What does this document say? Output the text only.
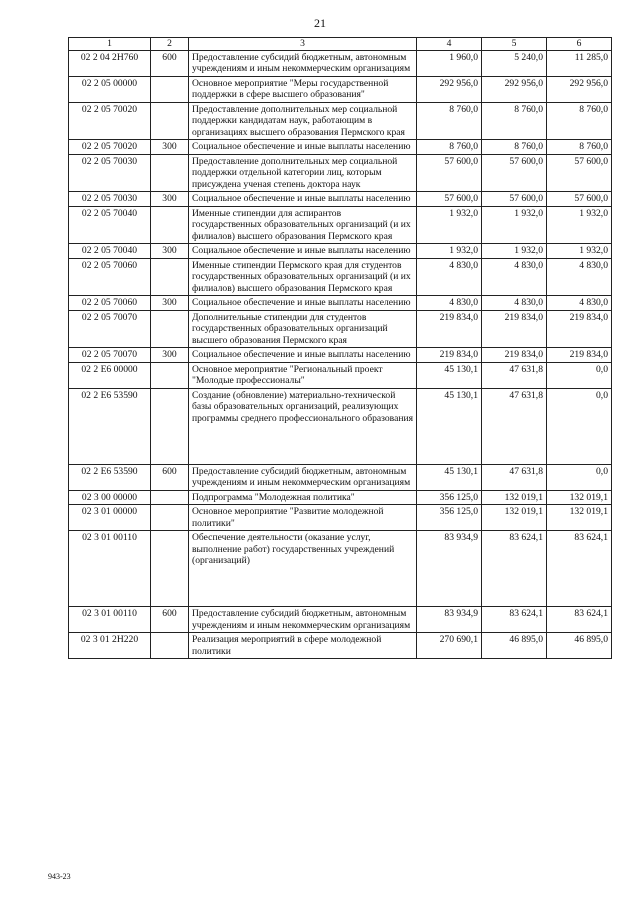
21
1	2	3	4	5	6
02 2 04 2Н760	600	Предоставление субсидий бюджетным, автономным учреждениям и иным некоммерческим организациям	1 960,0	5 240,0	11 285,0
02 2 05 00000		Основное мероприятие "Меры государственной поддержки в сфере высшего образования"	292 956,0	292 956,0	292 956,0
02 2 05 70020		Предоставление дополнительных мер социальной поддержки кандидатам наук, работающим в организациях высшего образования Пермского края	8 760,0	8 760,0	8 760,0
02 2 05 70020	300	Социальное обеспечение и иные выплаты населению	8 760,0	8 760,0	8 760,0
02 2 05 70030		Предоставление дополнительных мер социальной поддержки отдельной категории лиц, которым присуждена ученая степень доктора наук	57 600,0	57 600,0	57 600,0
02 2 05 70030	300	Социальное обеспечение и иные выплаты населению	57 600,0	57 600,0	57 600,0
02 2 05 70040		Именные стипендии для аспирантов государственных образовательных организаций (и их филиалов) высшего образования Пермского края	1 932,0	1 932,0	1 932,0
02 2 05 70040	300	Социальное обеспечение и иные выплаты населению	1 932,0	1 932,0	1 932,0
02 2 05 70060		Именные стипендии Пермского края для студентов государственных образовательных организаций (и их филиалов) высшего образования Пермского края	4 830,0	4 830,0	4 830,0
02 2 05 70060	300	Социальное обеспечение и иные выплаты населению	4 830,0	4 830,0	4 830,0
02 2 05 70070		Дополнительные стипендии для студентов государственных образовательных организаций высшего образования Пермского края	219 834,0	219 834,0	219 834,0
02 2 05 70070	300	Социальное обеспечение и иные выплаты населению	219 834,0	219 834,0	219 834,0
02 2 Е6 00000		Основное мероприятие "Региональный проект "Молодые профессионалы"	45 130,1	47 631,8	0,0
02 2 Е6 53590		Создание (обновление) материально-технической базы образовательных организаций, реализующих программы среднего профессионального образования	45 130,1	47 631,8	0,0
02 2 Е6 53590	600	Предоставление субсидий бюджетным, автономным учреждениям и иным некоммерческим организациям	45 130,1	47 631,8	0,0
02 3 00 00000		Подпрограмма "Молодежная политика"	356 125,0	132 019,1	132 019,1
02 3 01 00000		Основное мероприятие "Развитие молодежной политики"	356 125,0	132 019,1	132 019,1
02 3 01 00110		Обеспечение деятельности (оказание услуг, выполнение работ) государственных учреждений (организаций)	83 934,9	83 624,1	83 624,1
02 3 01 00110	600	Предоставление субсидий бюджетным, автономным учреждениям и иным некоммерческим организациям	83 934,9	83 624,1	83 624,1
02 3 01 2Н220		Реализация мероприятий в сфере молодежной политики	270 690,1	46 895,0	46 895,0
943-23
